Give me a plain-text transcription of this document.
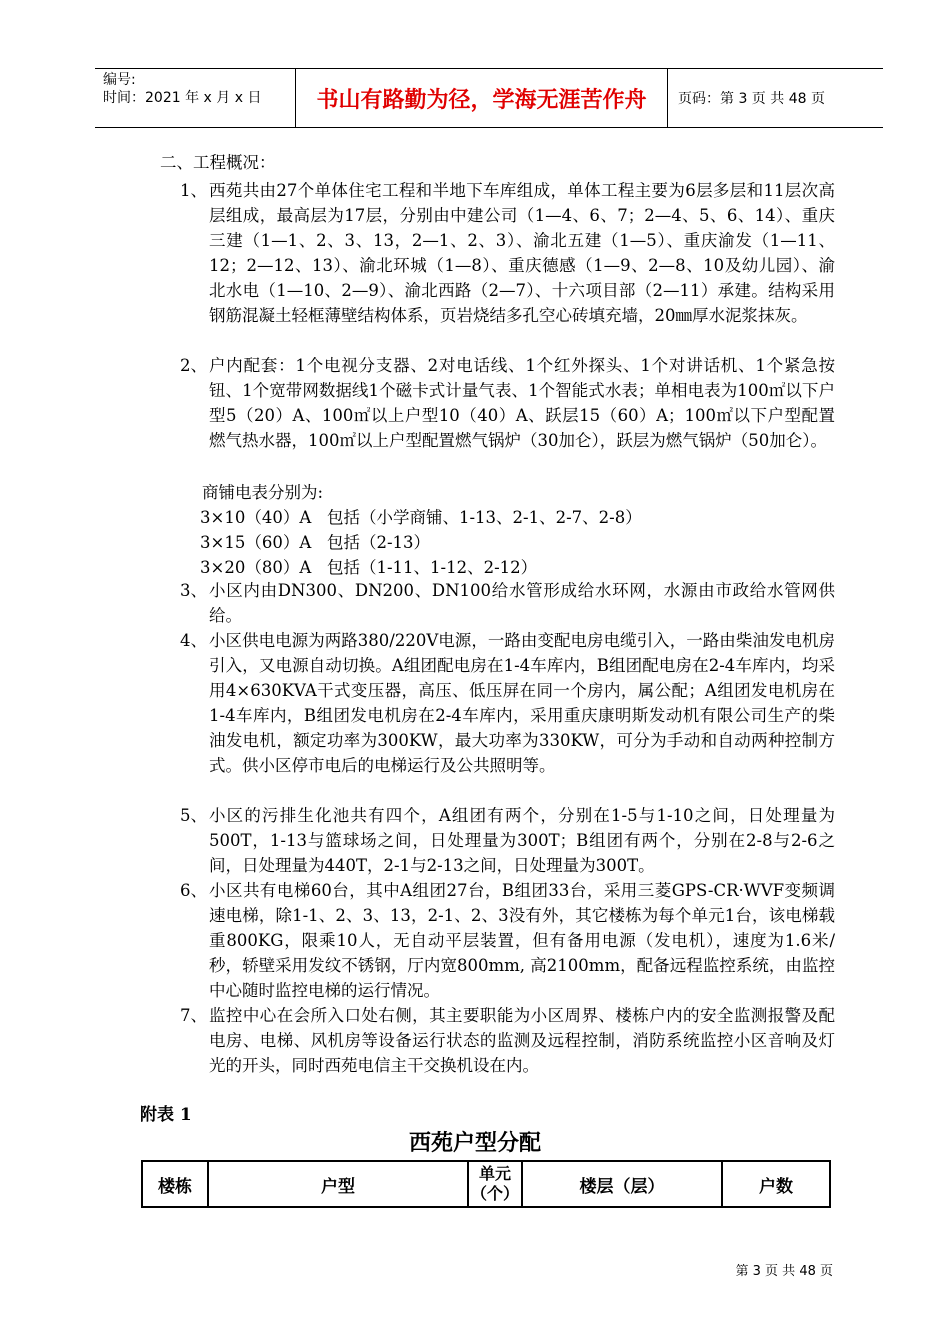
编号:
时间：2021 年 x 月 x 日	书山有路勤为径，学海无涯苦作舟	页码：第 3 页 共 48 页
二、工程概况：
1、 西苑共由27个单体住宅工程和半地下车库组成，单体工程主要为6层多层和11层次高层组成，最高层为17层，分别由中建公司（1—4、6、7；2—4、5、6、14）、重庆三建（1—1、2、3、13，2—1、2、3）、渝北五建（1—5）、重庆渝发（1—11、12；2—12、13）、渝北环城（1—8）、重庆德感（1—9、2—8、10及幼儿园）、渝北水电（1—10、2—9）、渝北西路（2—7）、十六项目部（2—11）承建。结构采用钢筋混凝土轻框薄壁结构体系，页岩烧结多孔空心砖填充墙，20㎜厚水泥浆抹灰。
2、 户内配套：1个电视分支器、2对电话线、1个红外探头、1个对讲话机、1个紧急按钮、1个宽带网数据线1个磁卡式计量气表、1个智能式水表；单相电表为100㎡以下户型5（20）A、100㎡以上户型10（40）A、跃层15（60）A；100㎡以下户型配置燃气热水器，100㎡以上户型配置燃气锅炉（30加仑），跃层为燃气锅炉（50加仑）。
商铺电表分别为:
3×10（40）A   包括（小学商铺、1-13、2-1、2-7、2-8）
3×15（60）A   包括（2-13）
3×20（80）A   包括（1-11、1-12、2-12）
3、 小区内由DN300、DN200、DN100给水管形成给水环网，水源由市政给水管网供给。
4、 小区供电电源为两路380/220V电源，一路由变配电房电缆引入，一路由柴油发电机房引入，又电源自动切换。A组团配电房在1-4车库内，B组团配电房在2-4车库内，均采用4×630KVA干式变压器，高压、低压屏在同一个房内，属公配；A组团发电机房在1-4车库内，B组团发电机房在2-4车库内，采用重庆康明斯发动机有限公司生产的柴油发电机，额定功率为300KW，最大功率为330KW，可分为手动和自动两种控制方式。供小区停市电后的电梯运行及公共照明等。
5、 小区的污排生化池共有四个，A组团有两个，分别在1-5与1-10之间，日处理量为500T，1-13与篮球场之间，日处理量为300T；B组团有两个，分别在2-8与2-6之间，日处理量为440T，2-1与2-13之间，日处理量为300T。
6、 小区共有电梯60台，其中A组团27台，B组团33台，采用三菱GPS-CR·WVF变频调速电梯，除1-1、2、3、13，2-1、2、3没有外，其它楼栋为每个单元1台，该电梯载重800KG，限乘10人，无自动平层装置，但有备用电源（发电机），速度为1.6米/秒，轿壁采用发纹不锈钢，厅内宽800mm, 高2100mm，配备远程监控系统，由监控中心随时监控电梯的运行情况。
7、 监控中心在会所入口处右侧，其主要职能为小区周界、楼栋户内的安全监测报警及配电房、电梯、风机房等设备运行状态的监测及远程控制，消防系统监控小区音响及灯光的开头，同时西苑电信主干交换机设在内。
附表 1
西苑户型分配
楼栋	户型	单元（个）	楼层（层）	户数
第 3 页 共 48 页
